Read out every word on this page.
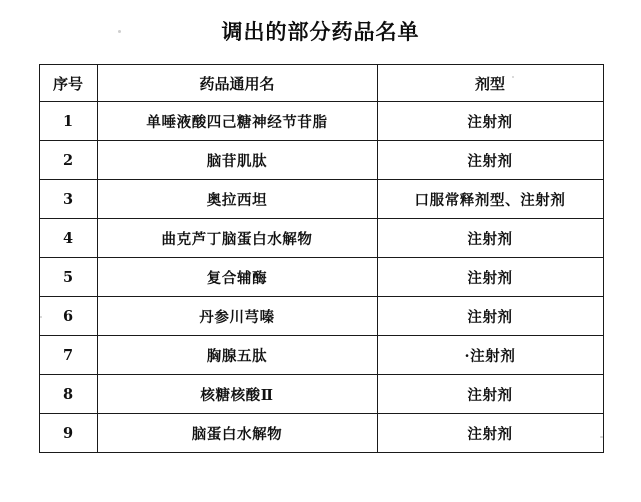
调出的部分药品名单
序号	药品通用名	剂型
1	单唾液酸四己糖神经节苷脂	注射剂
2	脑苷肌肽	注射剂
3	奥拉西坦	口服常释剂型、注射剂
4	曲克芦丁脑蛋白水解物	注射剂
5	复合辅酶	注射剂
6	丹参川芎嗪	注射剂
7	胸腺五肽	·注射剂
8	核糖核酸Ⅱ	注射剂
9	脑蛋白水解物	注射剂
